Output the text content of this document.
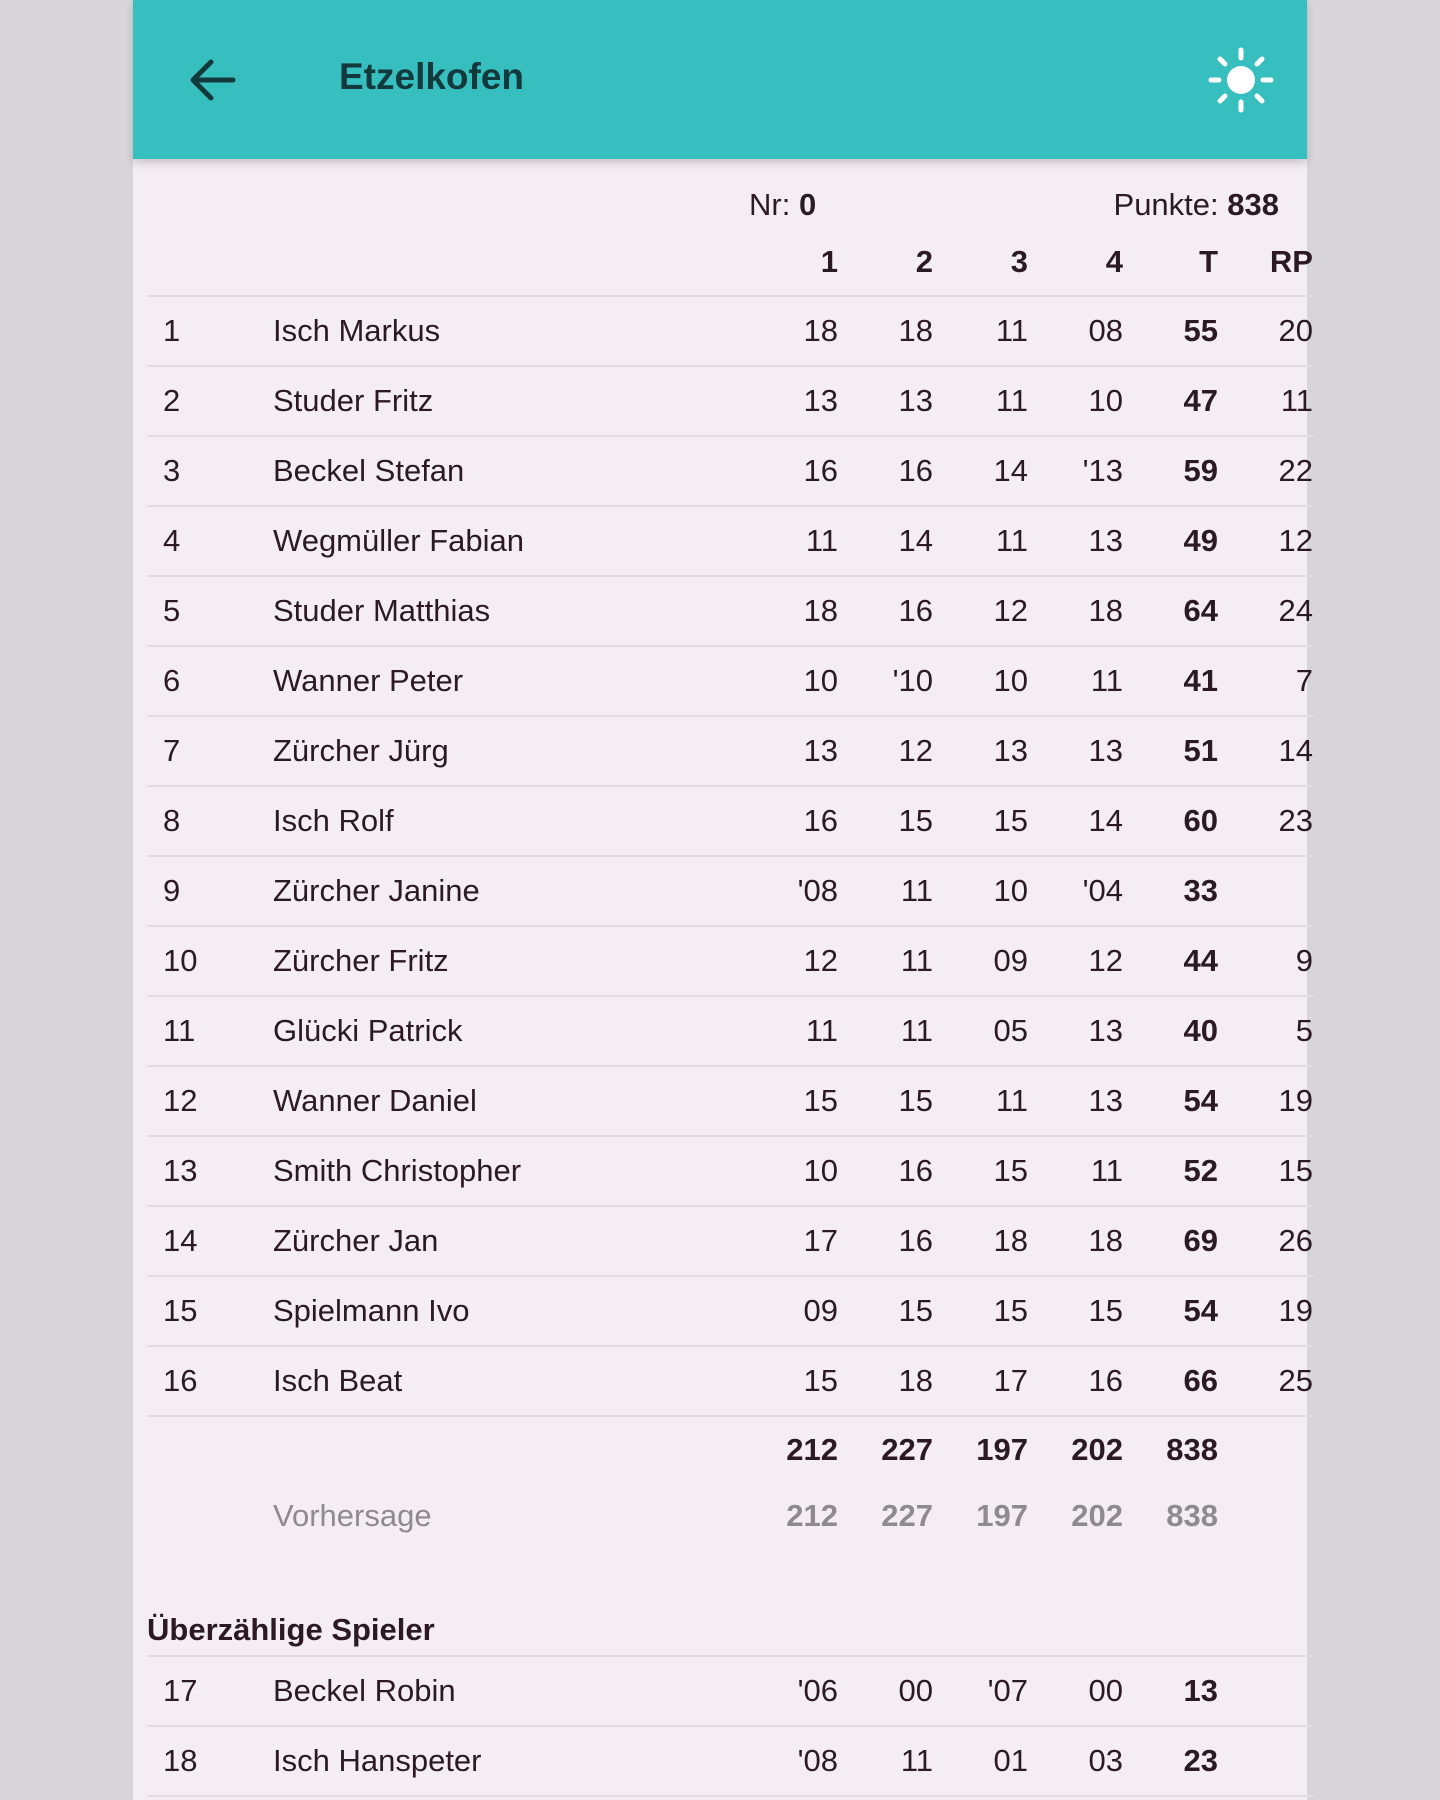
Etzelkofen
Nr: 0	Punkte: 838
		1	2	3	4	T	RP
1	Isch Markus	18	18	11	08	55	20
2	Studer Fritz	13	13	11	10	47	11
3	Beckel Stefan	16	16	14	'13	59	22
4	Wegmüller Fabian	11	14	11	13	49	12
5	Studer Matthias	18	16	12	18	64	24
6	Wanner Peter	10	'10	10	11	41	7
7	Zürcher Jürg	13	12	13	13	51	14
8	Isch Rolf	16	15	15	14	60	23
9	Zürcher Janine	'08	11	10	'04	33	
10	Zürcher Fritz	12	11	09	12	44	9
11	Glücki Patrick	11	11	05	13	40	5
12	Wanner Daniel	15	15	11	13	54	19
13	Smith Christopher	10	16	15	11	52	15
14	Zürcher Jan	17	16	18	18	69	26
15	Spielmann Ivo	09	15	15	15	54	19
16	Isch Beat	15	18	17	16	66	25
		212	227	197	202	838	
	Vorhersage	212	227	197	202	838	
Überzählige Spieler
17	Beckel Robin	'06	00	'07	00	13	
18	Isch Hanspeter	'08	11	01	03	23	
